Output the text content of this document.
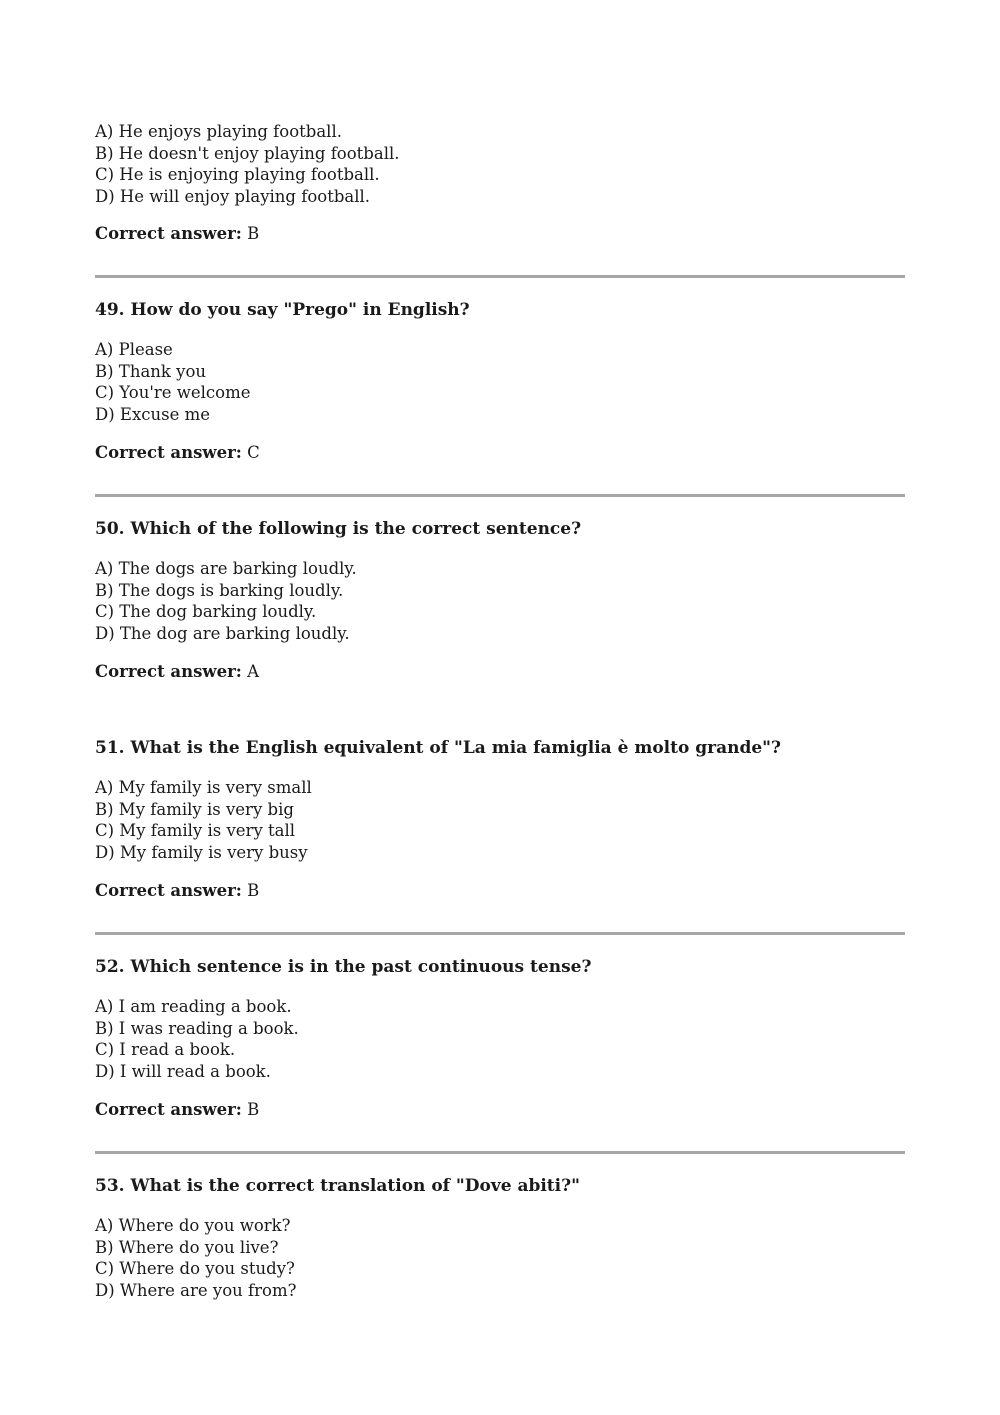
A) He enjoys playing football.
B) He doesn't enjoy playing football.
C) He is enjoying playing football.
D) He will enjoy playing football.
Correct answer: B
49. How do you say "Prego" in English?
A) Please
B) Thank you
C) You're welcome
D) Excuse me
Correct answer: C
50. Which of the following is the correct sentence?
A) The dogs are barking loudly.
B) The dogs is barking loudly.
C) The dog barking loudly.
D) The dog are barking loudly.
Correct answer: A
51. What is the English equivalent of "La mia famiglia è molto grande"?
A) My family is very small
B) My family is very big
C) My family is very tall
D) My family is very busy
Correct answer: B
52. Which sentence is in the past continuous tense?
A) I am reading a book.
B) I was reading a book.
C) I read a book.
D) I will read a book.
Correct answer: B
53. What is the correct translation of "Dove abiti?"
A) Where do you work?
B) Where do you live?
C) Where do you study?
D) Where are you from?
